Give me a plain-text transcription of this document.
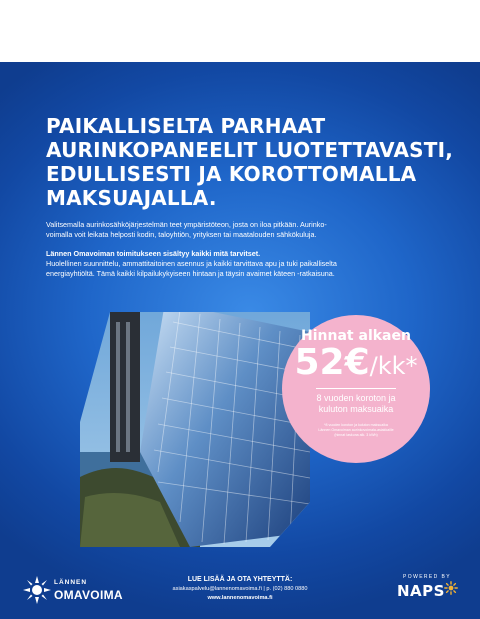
PAIKALLISELTA PARHAAT
AURINKOPANEELIT LUOTETTAVASTI,
EDULLISESTI JA KOROTTOMALLA
MAKSUAJALLA.
Valitsemalla aurinkosähköjärjestelmän teet ympäristöteon, josta on iloa pitkään. Aurinko-
voimalla voit leikata helposti kodin, taloyhtiön, yrityksen tai maatalouden sähkökuluja.
Lännen Omavoiman toimitukseen sisältyy kaikki mitä tarvitset.
Huolellinen suunnittelu, ammattitaitoinen asennus ja kaikki tarvittava apu ja tuki paikalliselta
energiayhtiöltä. Tämä kaikki kilpailukykyiseen hintaan ja täysin avaimet käteen -ratkaisuna.
Hinnat alkaen
52€/kk*
8 vuoden koroton ja
kuluton maksuaika
*8 vuoden koroton ja kuluton maksuaika
Lännen Omavoiman aurinkovoimala-asiakkaille
(hinnat laskuna alk. 3 kWh)
LÄNNEN
OMAVOIMA
LUE LISÄÄ JA OTA YHTEYTTÄ:
asiakaspalvelu@lannenomavoima.fi | p. (02) 880 0880
www.lannenomavoima.fi
POWERED BY
NAPS
